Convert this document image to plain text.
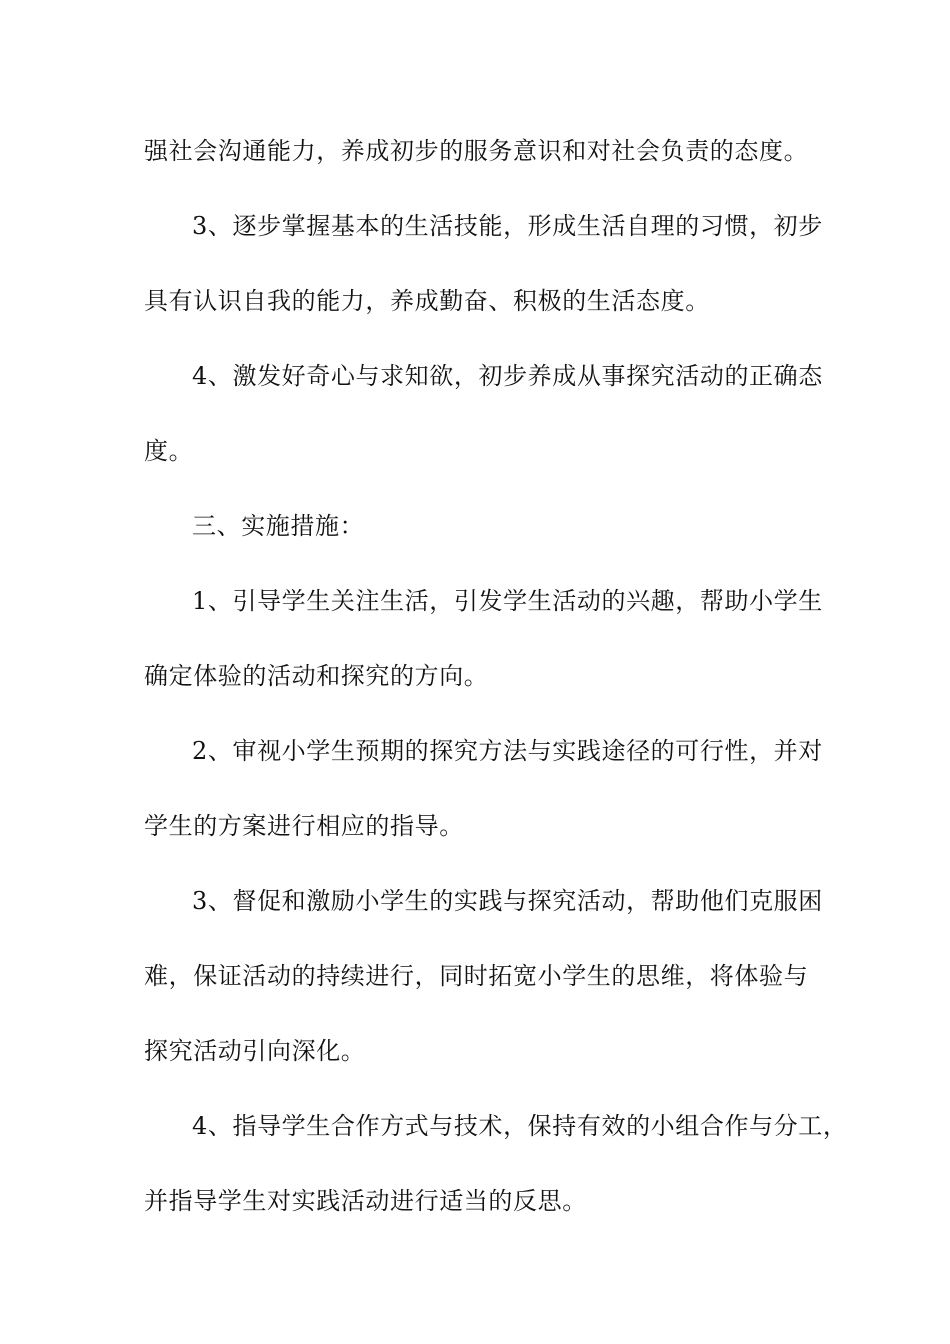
强社会沟通能力，养成初步的服务意识和对社会负责的态度。
3、逐步掌握基本的生活技能，形成生活自理的习惯，初步
具有认识自我的能力，养成勤奋、积极的生活态度。
4、激发好奇心与求知欲，初步养成从事探究活动的正确态
度。
三、实施措施：
1、引导学生关注生活，引发学生活动的兴趣，帮助小学生
确定体验的活动和探究的方向。
2、审视小学生预期的探究方法与实践途径的可行性，并对
学生的方案进行相应的指导。
3、督促和激励小学生的实践与探究活动，帮助他们克服困
难，保证活动的持续进行，同时拓宽小学生的思维，将体验与
探究活动引向深化。
4、指导学生合作方式与技术，保持有效的小组合作与分工，
并指导学生对实践活动进行适当的反思。
